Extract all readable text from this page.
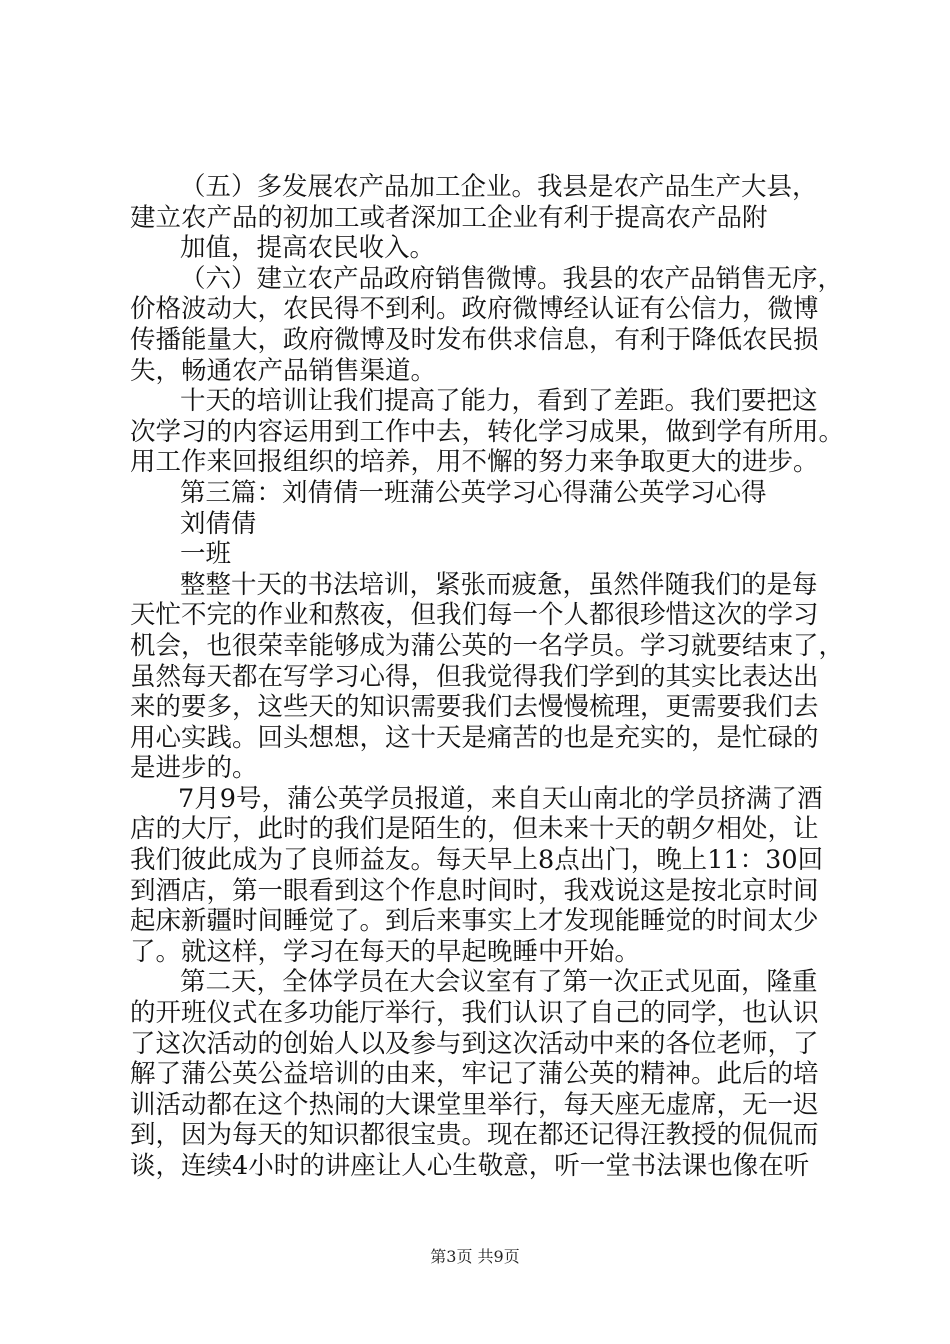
（五）多发展农产品加工企业。我县是农产品生产大县，
建立农产品的初加工或者深加工企业有利于提高农产品附
加值，提高农民收入。
（六）建立农产品政府销售微博。我县的农产品销售无序，
价格波动大，农民得不到利。政府微博经认证有公信力，微博
传播能量大，政府微博及时发布供求信息，有利于降低农民损
失，畅通农产品销售渠道。
十天的培训让我们提高了能力，看到了差距。我们要把这
次学习的内容运用到工作中去，转化学习成果，做到学有所用。
用工作来回报组织的培养，用不懈的努力来争取更大的进步。
第三篇：刘倩倩一班蒲公英学习心得蒲公英学习心得
刘倩倩
一班
整整十天的书法培训，紧张而疲惫，虽然伴随我们的是每
天忙不完的作业和熬夜，但我们每一个人都很珍惜这次的学习
机会，也很荣幸能够成为蒲公英的一名学员。学习就要结束了，
虽然每天都在写学习心得，但我觉得我们学到的其实比表达出
来的要多，这些天的知识需要我们去慢慢梳理，更需要我们去
用心实践。回头想想，这十天是痛苦的也是充实的，是忙碌的
是进步的。
7月9号，蒲公英学员报道，来自天山南北的学员挤满了酒
店的大厅，此时的我们是陌生的，但未来十天的朝夕相处，让
我们彼此成为了良师益友。每天早上8点出门，晚上11：30回
到酒店，第一眼看到这个作息时间时，我戏说这是按北京时间
起床新疆时间睡觉了。到后来事实上才发现能睡觉的时间太少
了。就这样，学习在每天的早起晚睡中开始。
第二天，全体学员在大会议室有了第一次正式见面，隆重
的开班仪式在多功能厅举行，我们认识了自己的同学，也认识
了这次活动的创始人以及参与到这次活动中来的各位老师，了
解了蒲公英公益培训的由来，牢记了蒲公英的精神。此后的培
训活动都在这个热闹的大课堂里举行，每天座无虚席，无一迟
到，因为每天的知识都很宝贵。现在都还记得汪教授的侃侃而
谈，连续4小时的讲座让人心生敬意，听一堂书法课也像在听
第3页 共9页
